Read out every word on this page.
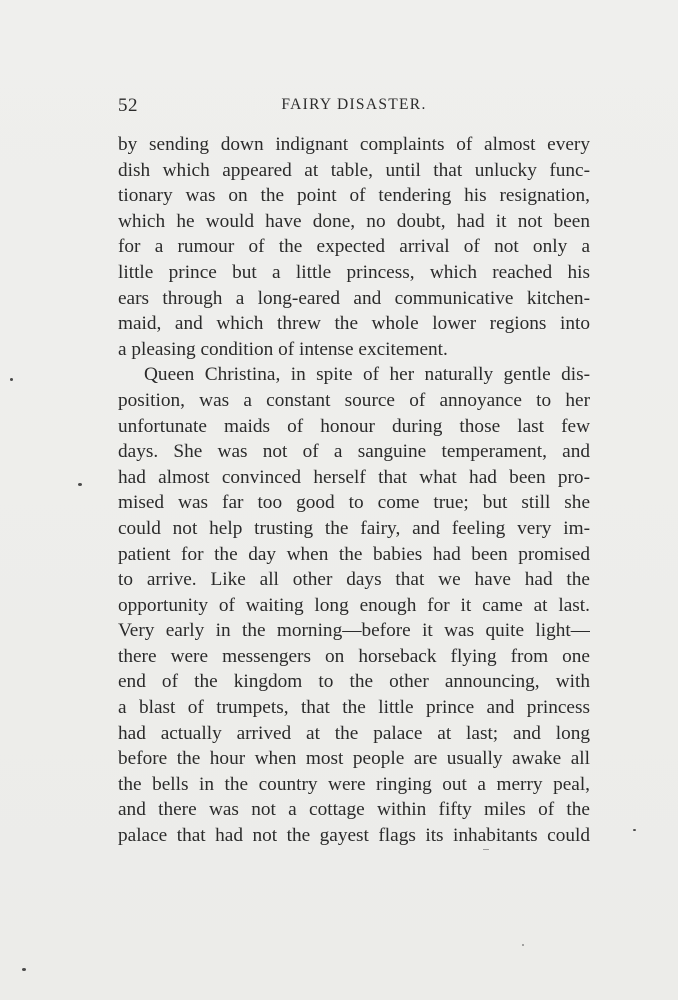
52	FAIRY DISASTER.
by sending down indignant complaints of almost every
dish which appeared at table, until that unlucky func-
tionary was on the point of tendering his resignation,
which he would have done, no doubt, had it not been
for a rumour of the expected arrival of not only a
little prince but a little princess, which reached his
ears through a long-eared and communicative kitchen-
maid, and which threw the whole lower regions into
a pleasing condition of intense excitement.
Queen Christina, in spite of her naturally gentle dis-
position, was a constant source of annoyance to her
unfortunate maids of honour during those last few
days. She was not of a sanguine temperament, and
had almost convinced herself that what had been pro-
mised was far too good to come true; but still she
could not help trusting the fairy, and feeling very im-
patient for the day when the babies had been promised
to arrive. Like all other days that we have had the
opportunity of waiting long enough for it came at last.
Very early in the morning—before it was quite light—
there were messengers on horseback flying from one
end of the kingdom to the other announcing, with
a blast of trumpets, that the little prince and princess
had actually arrived at the palace at last; and long
before the hour when most people are usually awake all
the bells in the country were ringing out a merry peal,
and there was not a cottage within fifty miles of the
palace that had not the gayest flags its inhabitants could
